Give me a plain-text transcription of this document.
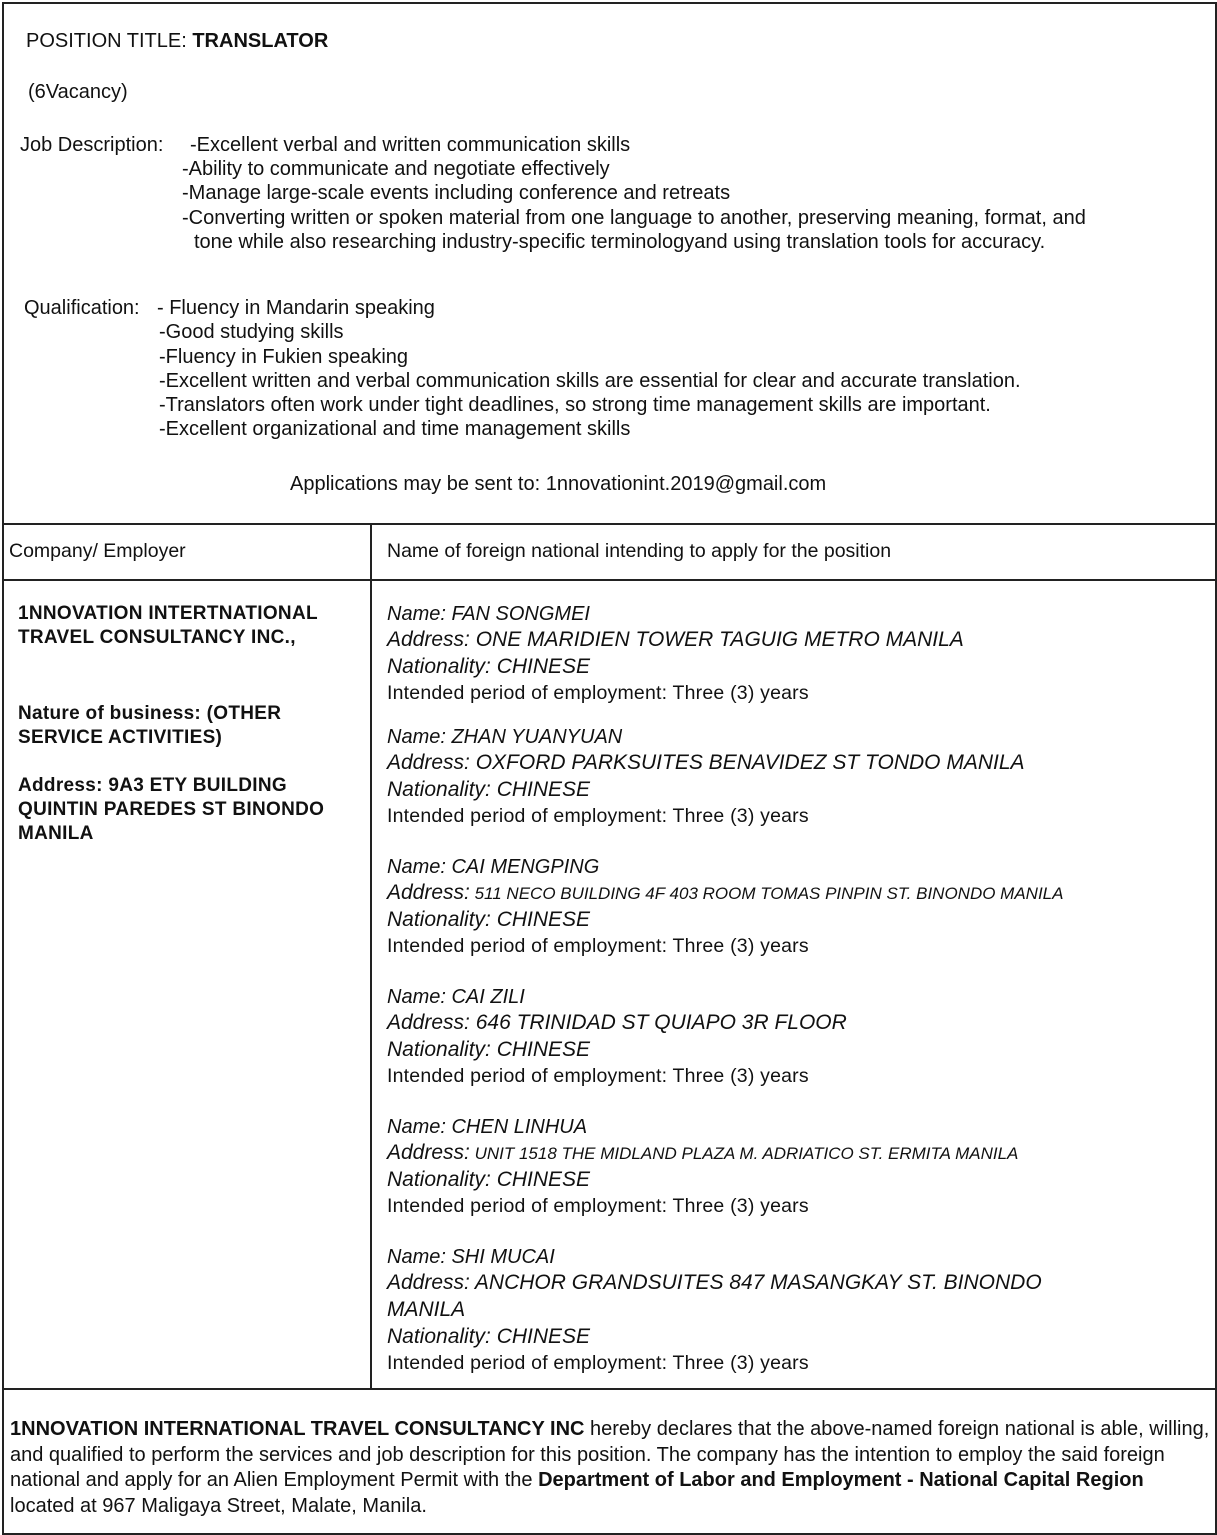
POSITION TITLE: TRANSLATOR
(6Vacancy)
Job Description: -Excellent verbal and written communication skills
-Ability to communicate and negotiate effectively
-Manage large-scale events including conference and retreats
-Converting written or spoken material from one language to another, preserving meaning, format, and
tone while also researching industry-specific terminologyand using translation tools for accuracy.
Qualification: - Fluency in Mandarin speaking
-Good studying skills
-Fluency in Fukien speaking
-Excellent written and verbal communication skills are essential for clear and accurate translation.
-Translators often work under tight deadlines, so strong time management skills are important.
-Excellent organizational and time management skills
Applications may be sent to: 1nnovationint.2019@gmail.com
Company/ Employer	Name of foreign national intending to apply for the position
1NNOVATION INTERTNATIONAL
TRAVEL CONSULTANCY INC.,
Nature of business: (OTHER
SERVICE ACTIVITIES)
Address: 9A3 ETY BUILDING
QUINTIN PAREDES ST BINONDO
MANILA
Name: FAN SONGMEI
Address: ONE MARIDIEN TOWER TAGUIG METRO MANILA
Nationality: CHINESE
Intended period of employment: Three (3) years
Name: ZHAN YUANYUAN
Address: OXFORD PARKSUITES BENAVIDEZ ST TONDO MANILA
Nationality: CHINESE
Intended period of employment: Three (3) years
Name: CAI MENGPING
Address: 511 NECO BUILDING 4F 403 ROOM TOMAS PINPIN ST. BINONDO MANILA
Nationality: CHINESE
Intended period of employment: Three (3) years
Name: CAI ZILI
Address: 646 TRINIDAD ST QUIAPO 3R FLOOR
Nationality: CHINESE
Intended period of employment: Three (3) years
Name: CHEN LINHUA
Address: UNIT 1518 THE MIDLAND PLAZA M. ADRIATICO ST. ERMITA MANILA
Nationality: CHINESE
Intended period of employment: Three (3) years
Name: SHI MUCAI
Address: ANCHOR GRANDSUITES 847 MASANGKAY ST. BINONDO
MANILA
Nationality: CHINESE
Intended period of employment: Three (3) years
1NNOVATION INTERNATIONAL TRAVEL CONSULTANCY INC hereby declares that the above-named foreign national is able, willing, and qualified to perform the services and job description for this position. The company has the intention to employ the said foreign national and apply for an Alien Employment Permit with the Department of Labor and Employment - National Capital Region located at 967 Maligaya Street, Malate, Manila.
